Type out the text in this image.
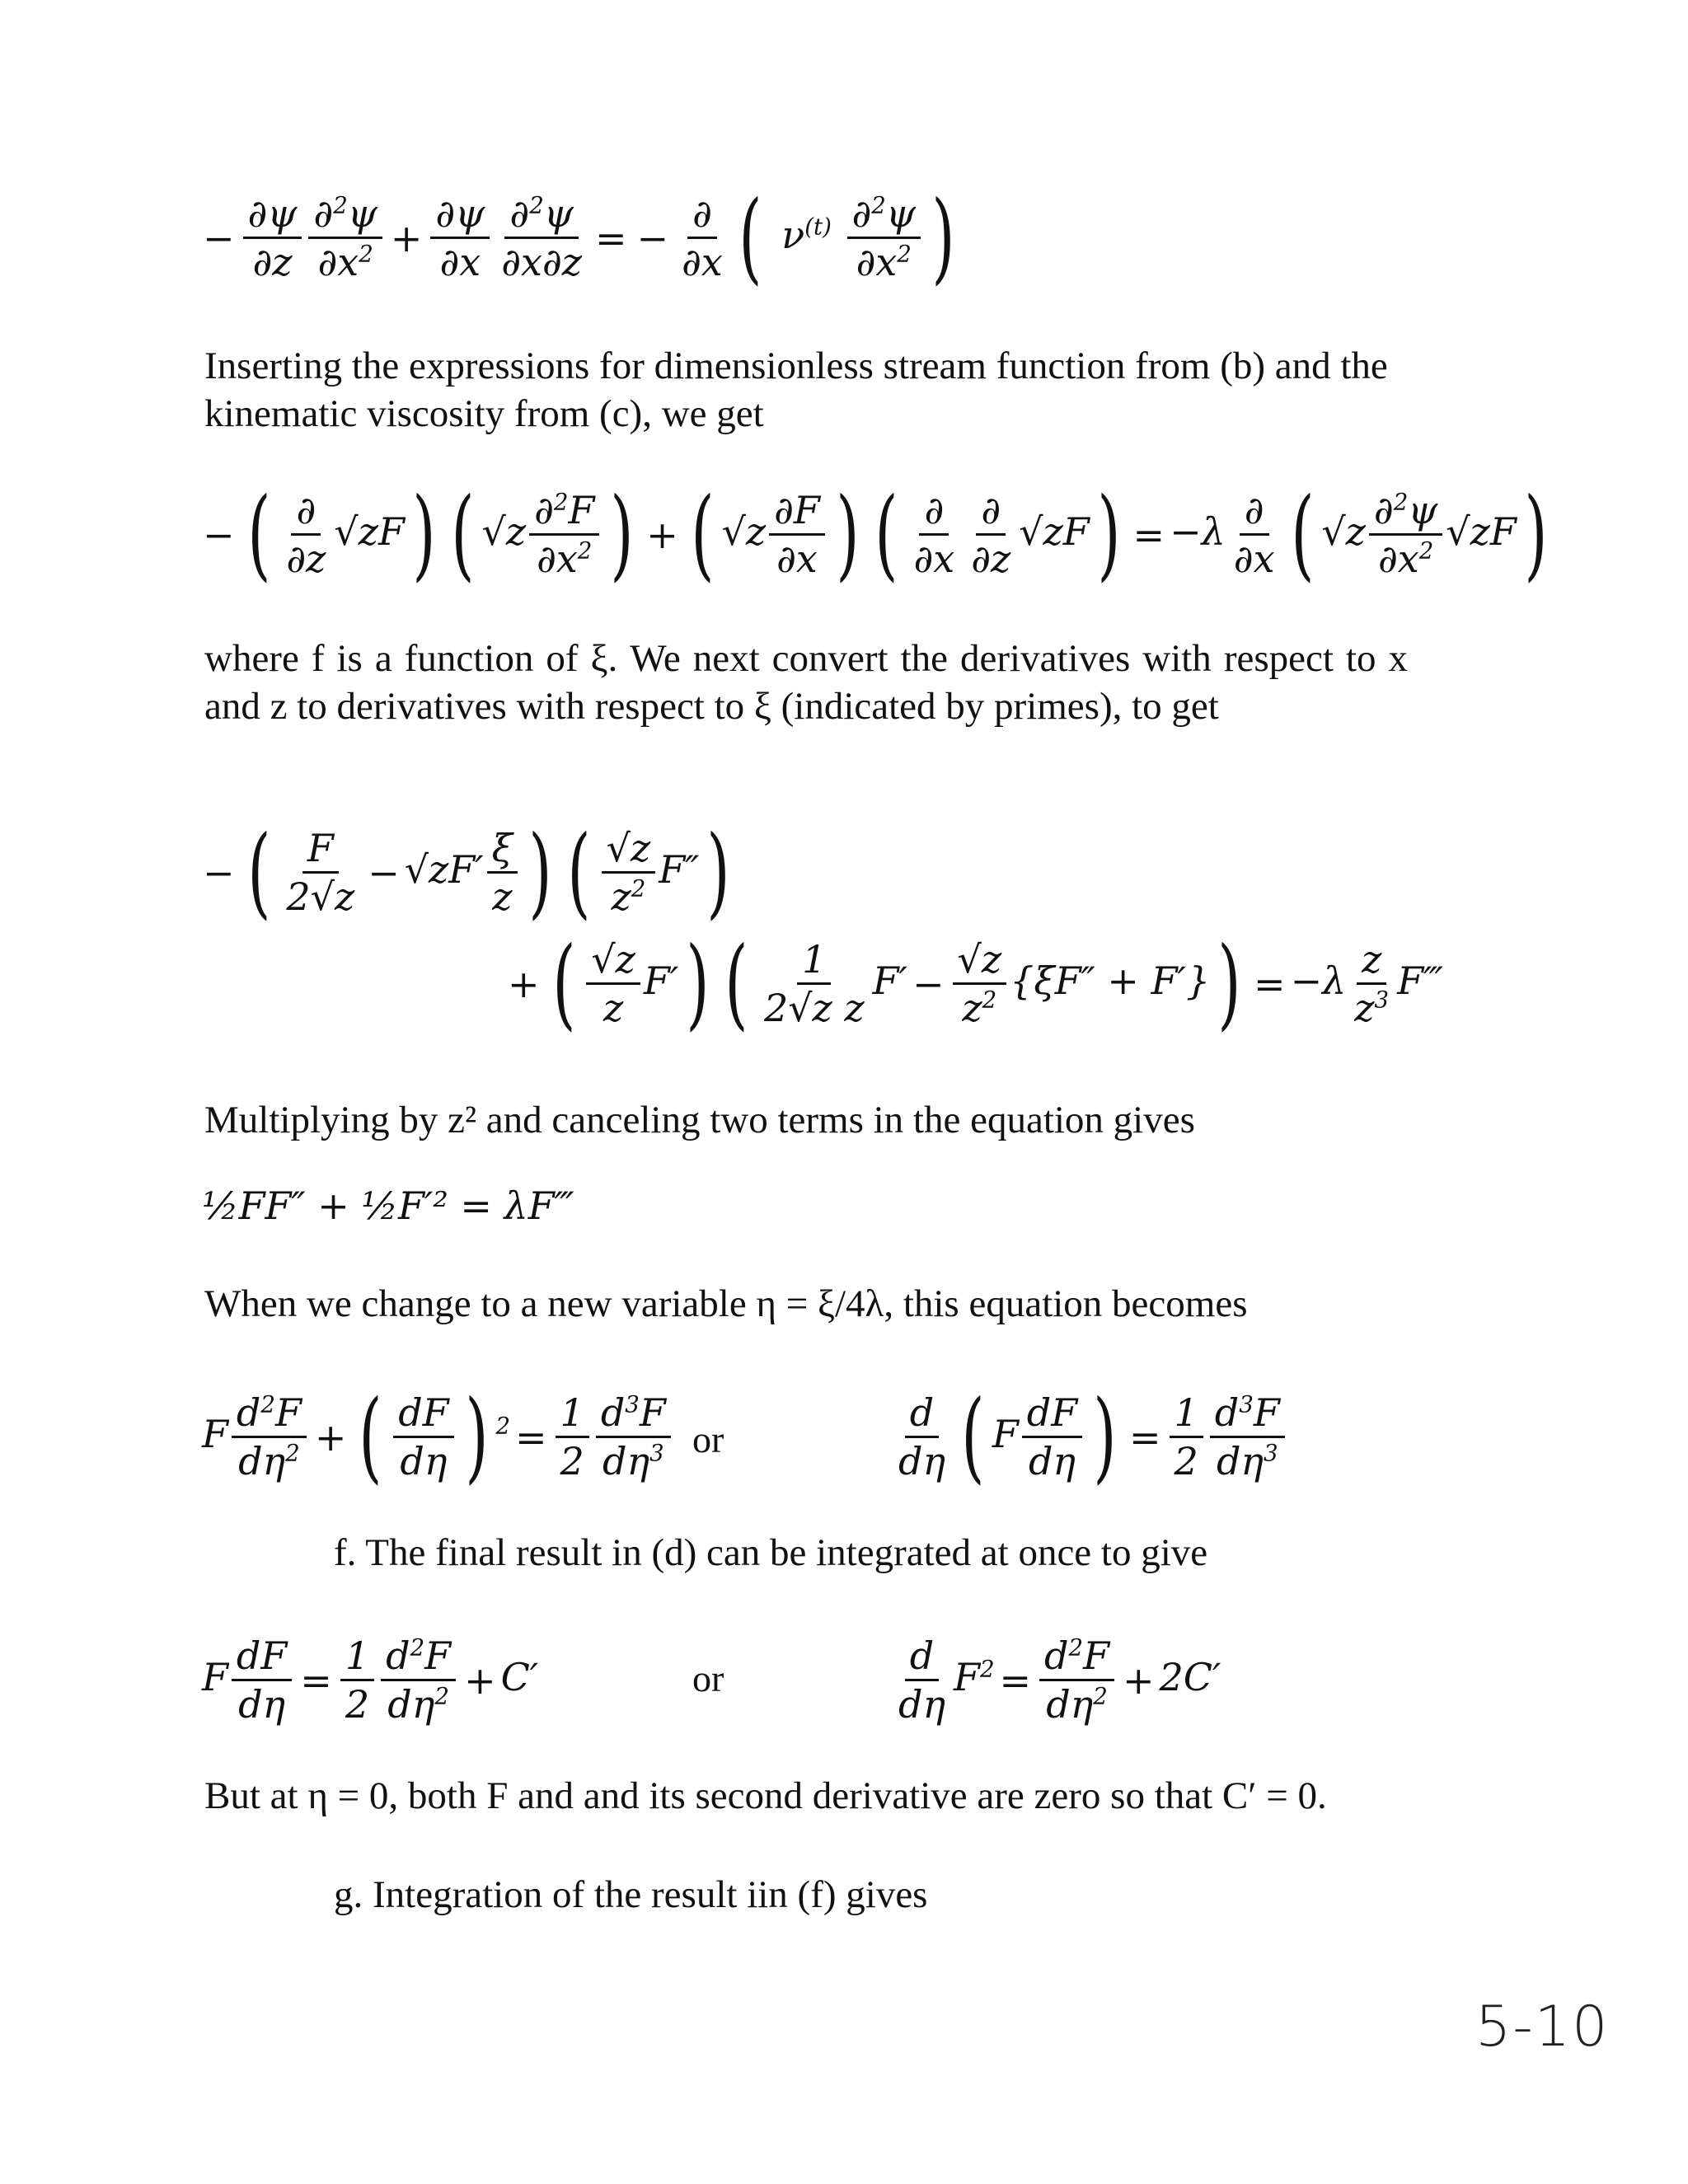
− $\frac{\partial\psi}{\partial z} \frac{\partial^2\psi}{\partial x^2} + \frac{\partial\psi}{\partial x} \frac{\partial^2\psi}{\partial x\partial z}$ = − $\frac{\partial}{\partial x}$ ( $\nu^{(t)} \frac{\partial^2\psi}{\partial x^2}$ )
Inserting the expressions for dimensionless stream function from (b) and the kinematic viscosity from (c), we get
− ( $\frac{\partial}{\partial z} √zF$) ( $√z \frac{\partial^2F}{\partial x^2}$ ) + ( $√z \frac{\partial F}{\partial x}$ ) ( $\frac{\partial}{\partial x} \frac{\partial}{\partial z} √zF) = -\lambda \frac{\partial}{\partial x}$ ( $√z \frac{\partial^2\psi}{\partial x^2} √zF$)
where f is a function of ξ. We next convert the derivatives with respect to x and z to derivatives with respect to ξ (indicated by primes), to get
− ( $\frac{F}{2√z} - √zF' \frac{\xi}{z}$ ) ( $\frac{√z}{z^2} F''$)
+ ( $\frac{√z}{z} F'$) ( $\frac{1}{\text{2√z z}} F' - \frac{√z}{z^2} \{\xi F'' + F'\}) = -\lambda \frac{z}{z^3}$ F‴
Multiplying by z² and canceling two terms in the equation gives
½FF″ + ½F′² = λF‴
When we change to a new variable η = ξ/4λ, this equation becomes
F $\frac{d^2F}{d\eta^2}$ + ( $\frac{dF}{d\eta}$ ) $^2 = \frac{1}{2} \frac{d^3F}{d\eta^3}$ or	$\frac{d}{d\eta}$ ( F $\frac{dF}{d\eta}$ ) = $\frac{1}{2} \frac{d^3F}{d\eta^3}$
f. The final result in (d) can be integrated at once to give
F $\frac{dF}{d\eta} = \frac{1}{2} \frac{d^2F}{d\eta^2} + C'$	or	$\frac{d}{d\eta} F^2 = \frac{d^2F}{d\eta^2} + 2C'$
But at η = 0, both F and and its second derivative are zero so that C′ = 0.
g. Integration of the result iin (f) gives
5-10
